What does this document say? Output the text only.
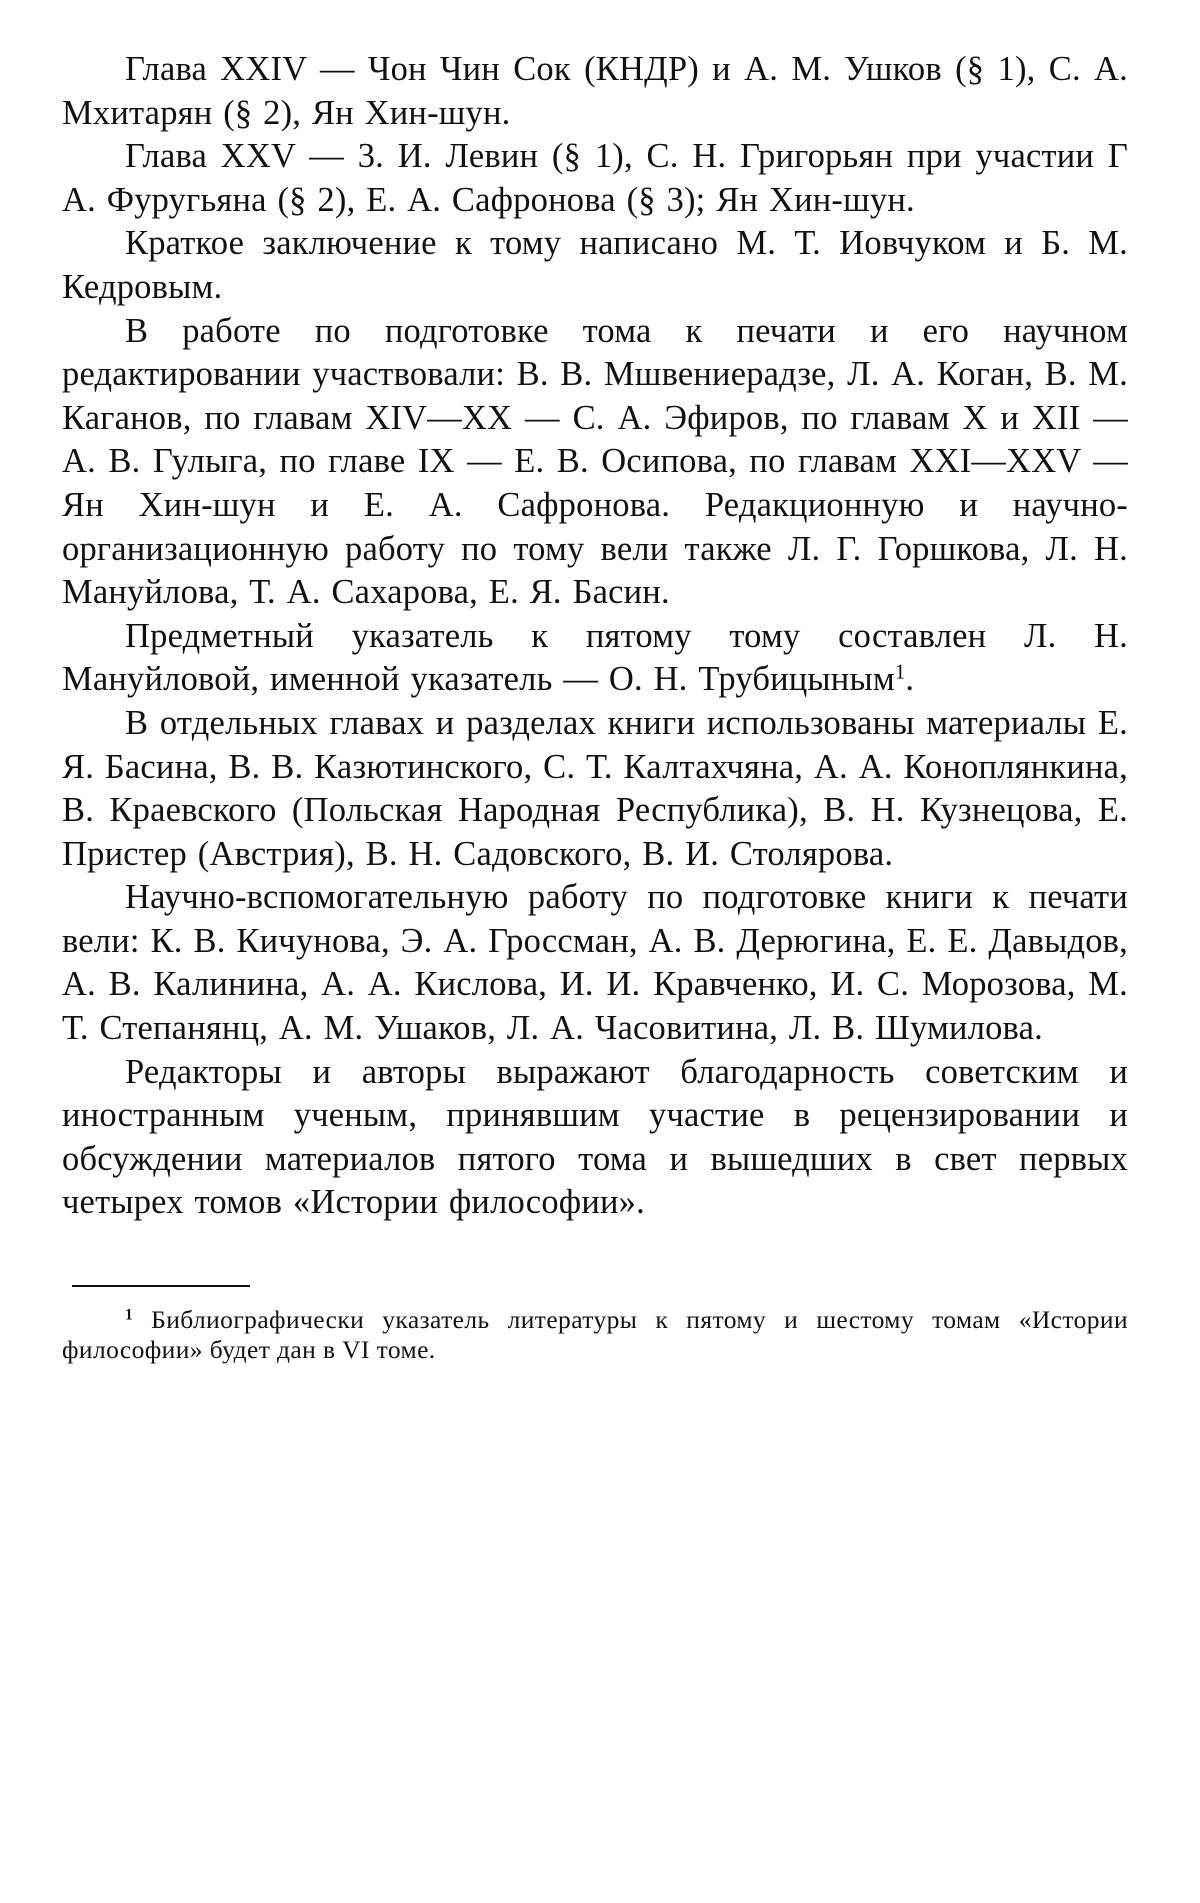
Глава XXIV — Чон Чин Сок (КНДР) и А. М. Ушков (§ 1), С. А. Мхитарян (§ 2), Ян Хин-шун.

Глава XXV — 3. И. Левин (§ 1), С. Н. Григорьян при участии Г А. Фуругьяна (§ 2), Е. А. Сафронова (§ 3); Ян Хин-шун.

Краткое заключение к тому написано М. Т. Иовчуком и Б. М. Кедровым.

В работе по подготовке тома к печати и его научном редактировании участвовали: В. В. Мшвениерадзе, Л. А. Коган, В. М. Каганов, по главам XIV—XX — С. А. Эфиров, по главам X и XII — А. В. Гулыга, по главе IX — Е. В. Осипова, по главам XXI—XXV — Ян Хин-шун и Е. А. Сафронова. Редакционную и научно-организационную работу по тому вели также Л. Г. Горшкова, Л. Н. Мануйлова, Т. А. Сахарова, Е. Я. Басин.

Предметный указатель к пятому тому составлен Л. Н. Мануйловой, именной указатель — О. Н. Трубицыным$^1$.

В отдельных главах и разделах книги использованы материалы Е. Я. Басина, В. В. Казютинского, С. Т. Калтахчяна, А. А. Коноплянкина, В. Краевского (Польская Народная Республика), В. Н. Кузнецова, Е. Пристер (Австрия), В. Н. Садовского, В. И. Столярова.

Научно-вспомогательную работу по подготовке книги к печати вели: К. В. Кичунова, Э. А. Гроссман, А. В. Дерюгина, Е. Е. Давыдов, А. В. Калинина, А. А. Кислова, И. И. Кравченко, И. С. Морозова, М. Т. Степанянц, А. М. Ушаков, Л. А. Часовитина, Л. В. Шумилова.

Редакторы и авторы выражают благодарность советским и иностранным ученым, принявшим участие в рецензировании и обсуждении материалов пятого тома и вышедших в свет первых четырех томов «Истории философии».

$^1$ Библиографически указатель литературы к пятому и шестому томам «Истории философии» будет дан в VI томе.
